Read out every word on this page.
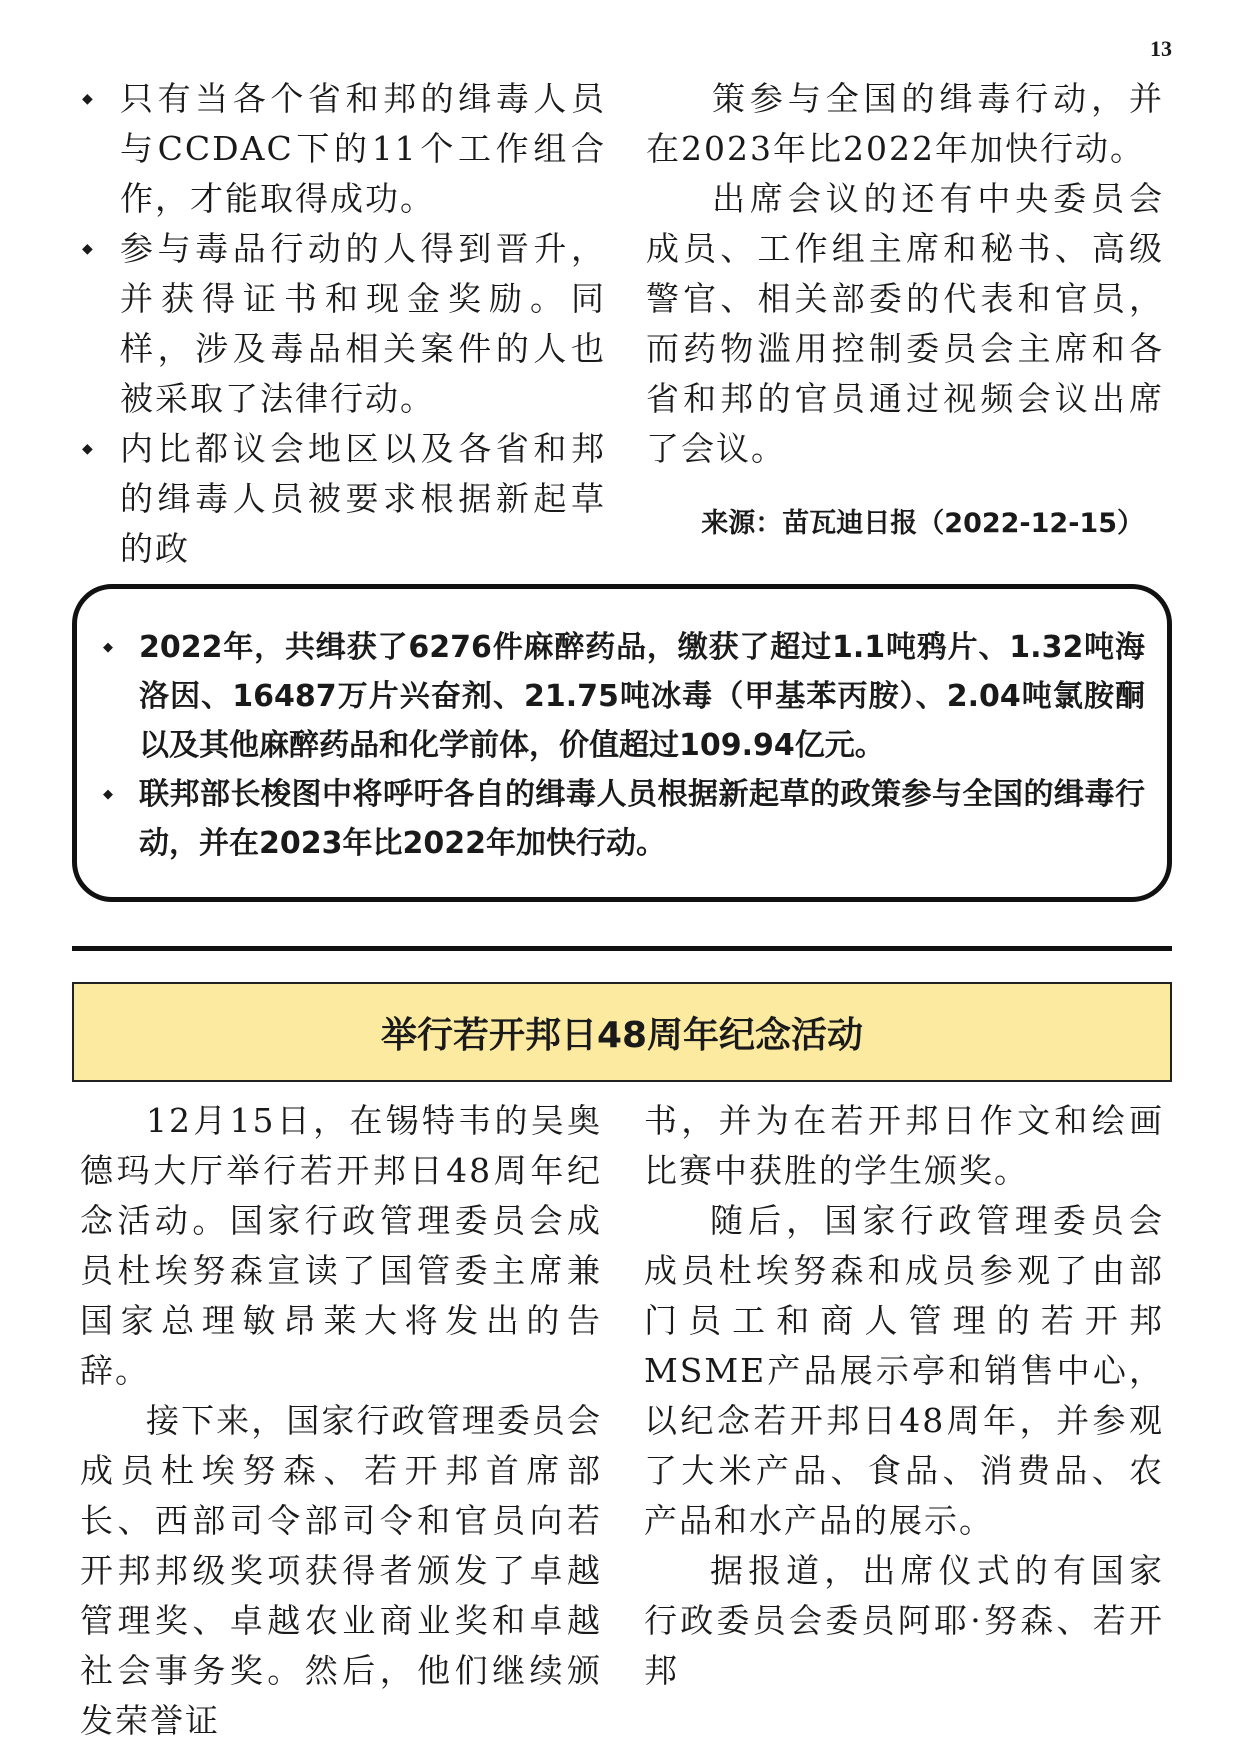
13
◆ 只有当各个省和邦的缉毒人员与CCDAC下的11个工作组合作，才能取得成功。
◆ 参与毒品行动的人得到晋升，并获得证书和现金奖励。同样，涉及毒品相关案件的人也被采取了法律行动。
◆ 内比都议会地区以及各省和邦的缉毒人员被要求根据新起草的政

策参与全国的缉毒行动，并在2023年比2022年加快行动。

出席会议的还有中央委员会成员、工作组主席和秘书、高级警官、相关部委的代表和官员，而药物滥用控制委员会主席和各省和邦的官员通过视频会议出席了会议。

来源：苗瓦迪日报（2022-12-15）
◆ 2022年，共缉获了6276件麻醉药品，缴获了超过1.1吨鸦片、1.32吨海洛因、16487万片兴奋剂、21.75吨冰毒（甲基苯丙胺）、2.04吨氯胺酮以及其他麻醉药品和化学前体，价值超过109.94亿元。
◆ 联邦部长梭图中将呼吁各自的缉毒人员根据新起草的政策参与全国的缉毒行动，并在2023年比2022年加快行动。
举行若开邦日48周年纪念活动

12月15日，在锡特韦的吴奥德玛大厅举行若开邦日48周年纪念活动。国家行政管理委员会成员杜埃努森宣读了国管委主席兼国家总理敏昂莱大将发出的告辞。

接下来，国家行政管理委员会成员杜埃努森、若开邦首席部长、西部司令部司令和官员向若开邦邦级奖项获得者颁发了卓越管理奖、卓越农业商业奖和卓越社会事务奖。然后，他们继续颁发荣誉证

书，并为在若开邦日作文和绘画比赛中获胜的学生颁奖。

随后，国家行政管理委员会成员杜埃努森和成员参观了由部门员工和商人管理的若开邦MSME产品展示亭和销售中心，以纪念若开邦日48周年，并参观了大米产品、食品、消费品、农产品和水产品的展示。

据报道，出席仪式的有国家行政委员会委员阿耶·努森、若开邦
